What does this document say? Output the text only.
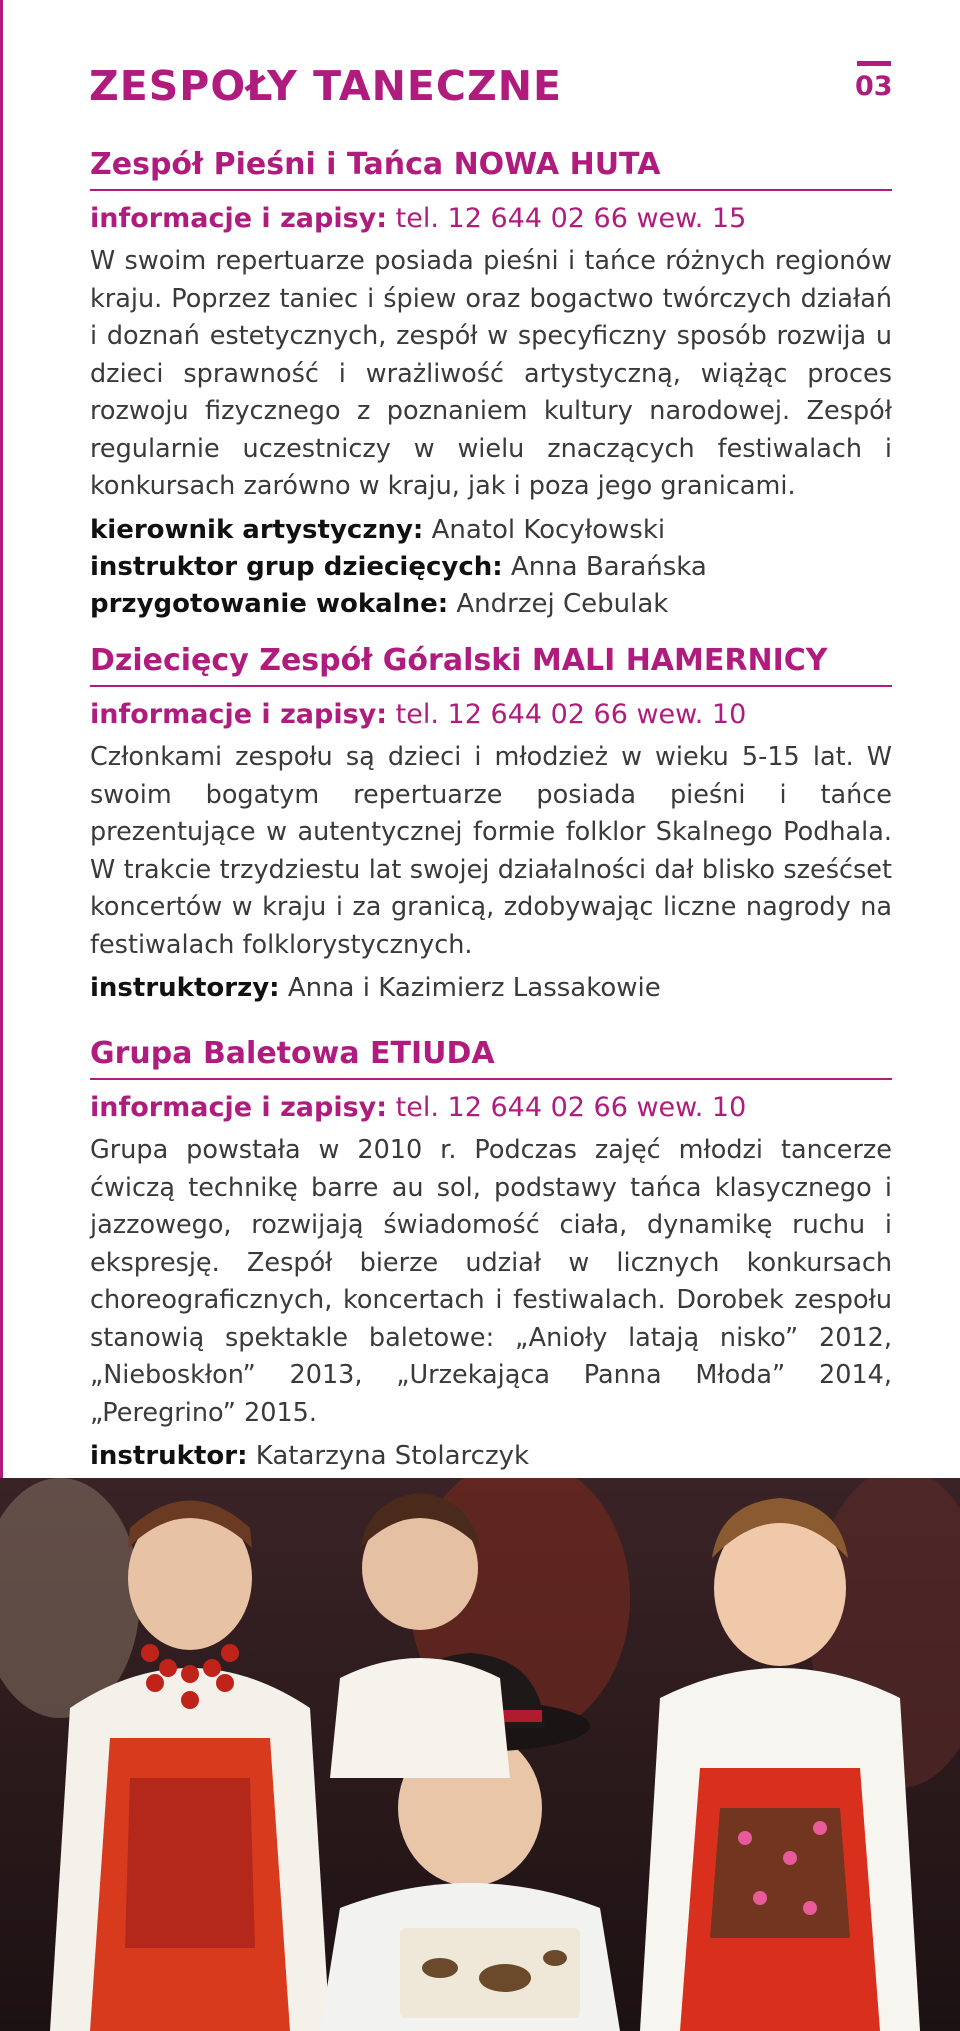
ZESPOŁY TANECZNE	03
Zespół Pieśni i Tańca NOWA HUTA

informacje i zapisy: tel. 12 644 02 66 wew. 15

W swoim repertuarze posiada pieśni i tańce różnych regionów kraju. Poprzez taniec i śpiew oraz bogactwo twórczych działań i doznań estetycznych, zespół w specyficzny sposób rozwija u dzieci sprawność i wrażliwość artystyczną, wiążąc proces rozwoju fizycznego z poznaniem kultury narodowej. Zespół regularnie uczestniczy w wielu znaczących festiwalach i konkursach zarówno w kraju, jak i poza jego granicami.

kierownik artystyczny: Anatol Kocyłowski
instruktor grup dziecięcych: Anna Barańska
przygotowanie wokalne: Andrzej Cebulak
Dziecięcy Zespół Góralski MALI HAMERNICY

informacje i zapisy: tel. 12 644 02 66 wew. 10

Członkami zespołu są dzieci i młodzież w wieku 5-15 lat. W swoim bogatym repertuarze posiada pieśni i tańce prezentujące w autentycznej formie folklor Skalnego Podhala. W trakcie trzydziestu lat swojej działalności dał blisko sześćset koncertów w kraju i za granicą, zdobywając liczne nagrody na festiwalach folklorystycznych.

instruktorzy: Anna i Kazimierz Lassakowie
Grupa Baletowa ETIUDA

informacje i zapisy: tel. 12 644 02 66 wew. 10

Grupa powstała w 2010 r. Podczas zajęć młodzi tancerze ćwiczą technikę barre au sol, podstawy tańca klasycznego i jazzowego, rozwijają świadomość ciała, dynamikę ruchu i ekspresję. Zespół bierze udział w licznych konkursach choreograficznych, koncertach i festiwalach. Dorobek zespołu stanowią spektakle baletowe: „Anioły latają nisko” 2012, „Nieboskłon” 2013, „Urzekająca Panna Młoda” 2014, „Peregrino” 2015.

instruktor: Katarzyna Stolarczyk
